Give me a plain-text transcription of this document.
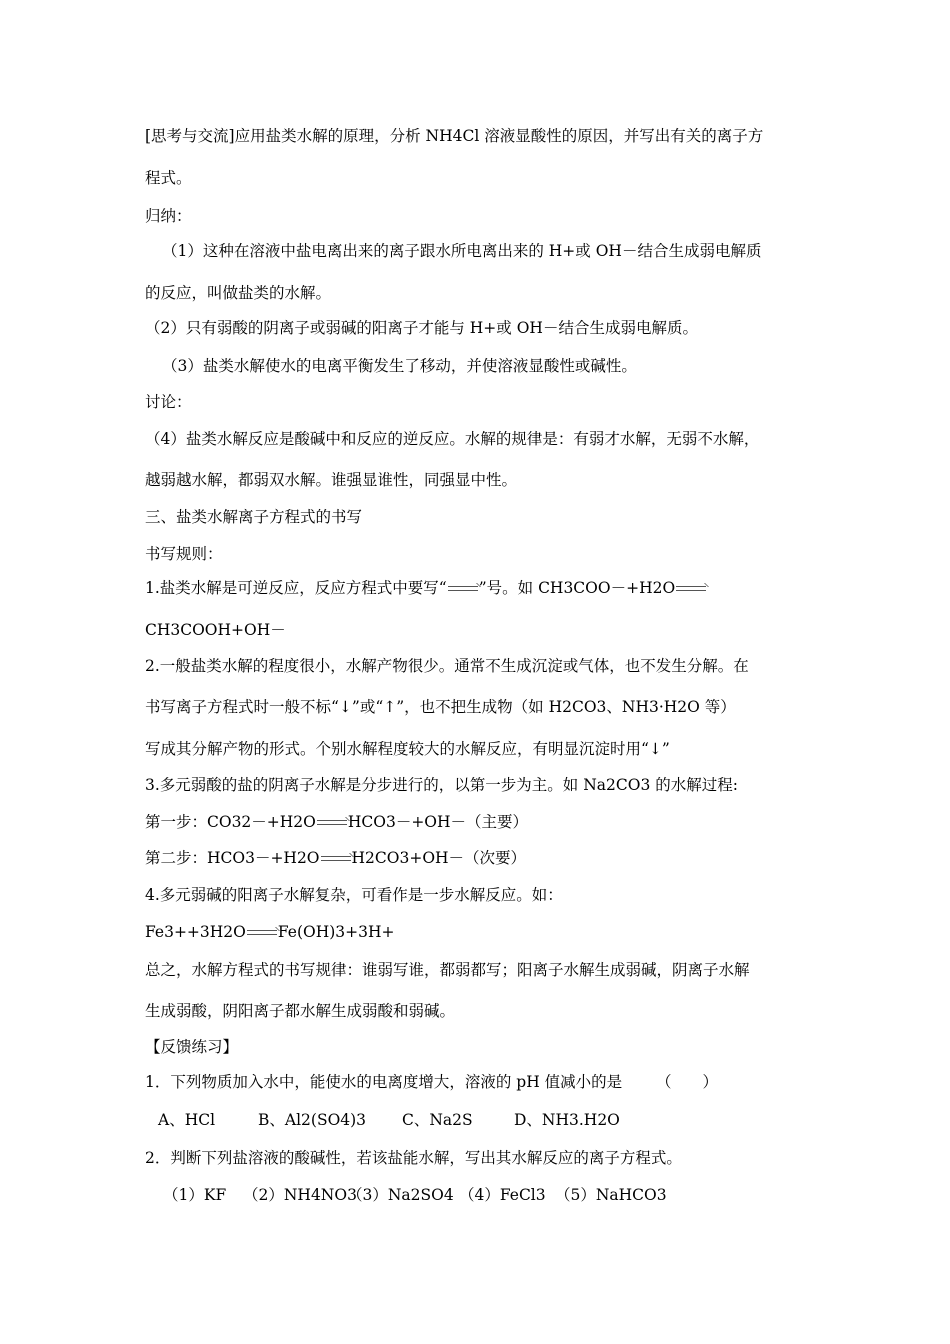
[思考与交流]应用盐类水解的原理，分析 NH4Cl 溶液显酸性的原因，并写出有关的离子方
程式。
归纳：
（1）这种在溶液中盐电离出来的离子跟水所电离出来的 H+或 OH－结合生成弱电解质
的反应，叫做盐类的水解。
（2）只有弱酸的阴离子或弱碱的阳离子才能与 H+或 OH－结合生成弱电解质。
（3）盐类水解使水的电离平衡发生了移动，并使溶液显酸性或碱性。
讨论：
（4）盐类水解反应是酸碱中和反应的逆反应。水解的规律是：有弱才水解，无弱不水解，
越弱越水解，都弱双水解。谁强显谁性，同强显中性。
三、盐类水解离子方程式的书写
书写规则：
1.盐类水解是可逆反应，反应方程式中要写“ ”号。如 CH3COO－+H2O
CH3COOH+OH－
2.一般盐类水解的程度很小，水解产物很少。通常不生成沉淀或气体，也不发生分解。在
书写离子方程式时一般不标“↓”或“↑”，也不把生成物（如 H2CO3、NH3·H2O 等）
写成其分解产物的形式。个别水解程度较大的水解反应，有明显沉淀时用“↓”
3.多元弱酸的盐的阴离子水解是分步进行的，以第一步为主。如 Na2CO3 的水解过程:
第一步：CO32－+H2O HCO3－+OH－（主要）
第二步：HCO3－+H2O H2CO3+OH－（次要）
4.多元弱碱的阳离子水解复杂，可看作是一步水解反应。如：
Fe3++3H2O Fe(OH)3+3H+
总之，水解方程式的书写规律：谁弱写谁，都弱都写；阳离子水解生成弱碱，阴离子水解
生成弱酸，阴阳离子都水解生成弱酸和弱碱。
【反馈练习】
1．下列物质加入水中，能使水的电离度增大，溶液的 pH 值减小的是 （　　）
A、HCl	B、Al2(SO4)3 C、Na2S	D、NH3.H2O
2．判断下列盐溶液的酸碱性，若该盐能水解，写出其水解反应的离子方程式。
（1）KF （2）NH4NO3（3）Na2SO4 （4）FeCl3 （5）NaHCO3
